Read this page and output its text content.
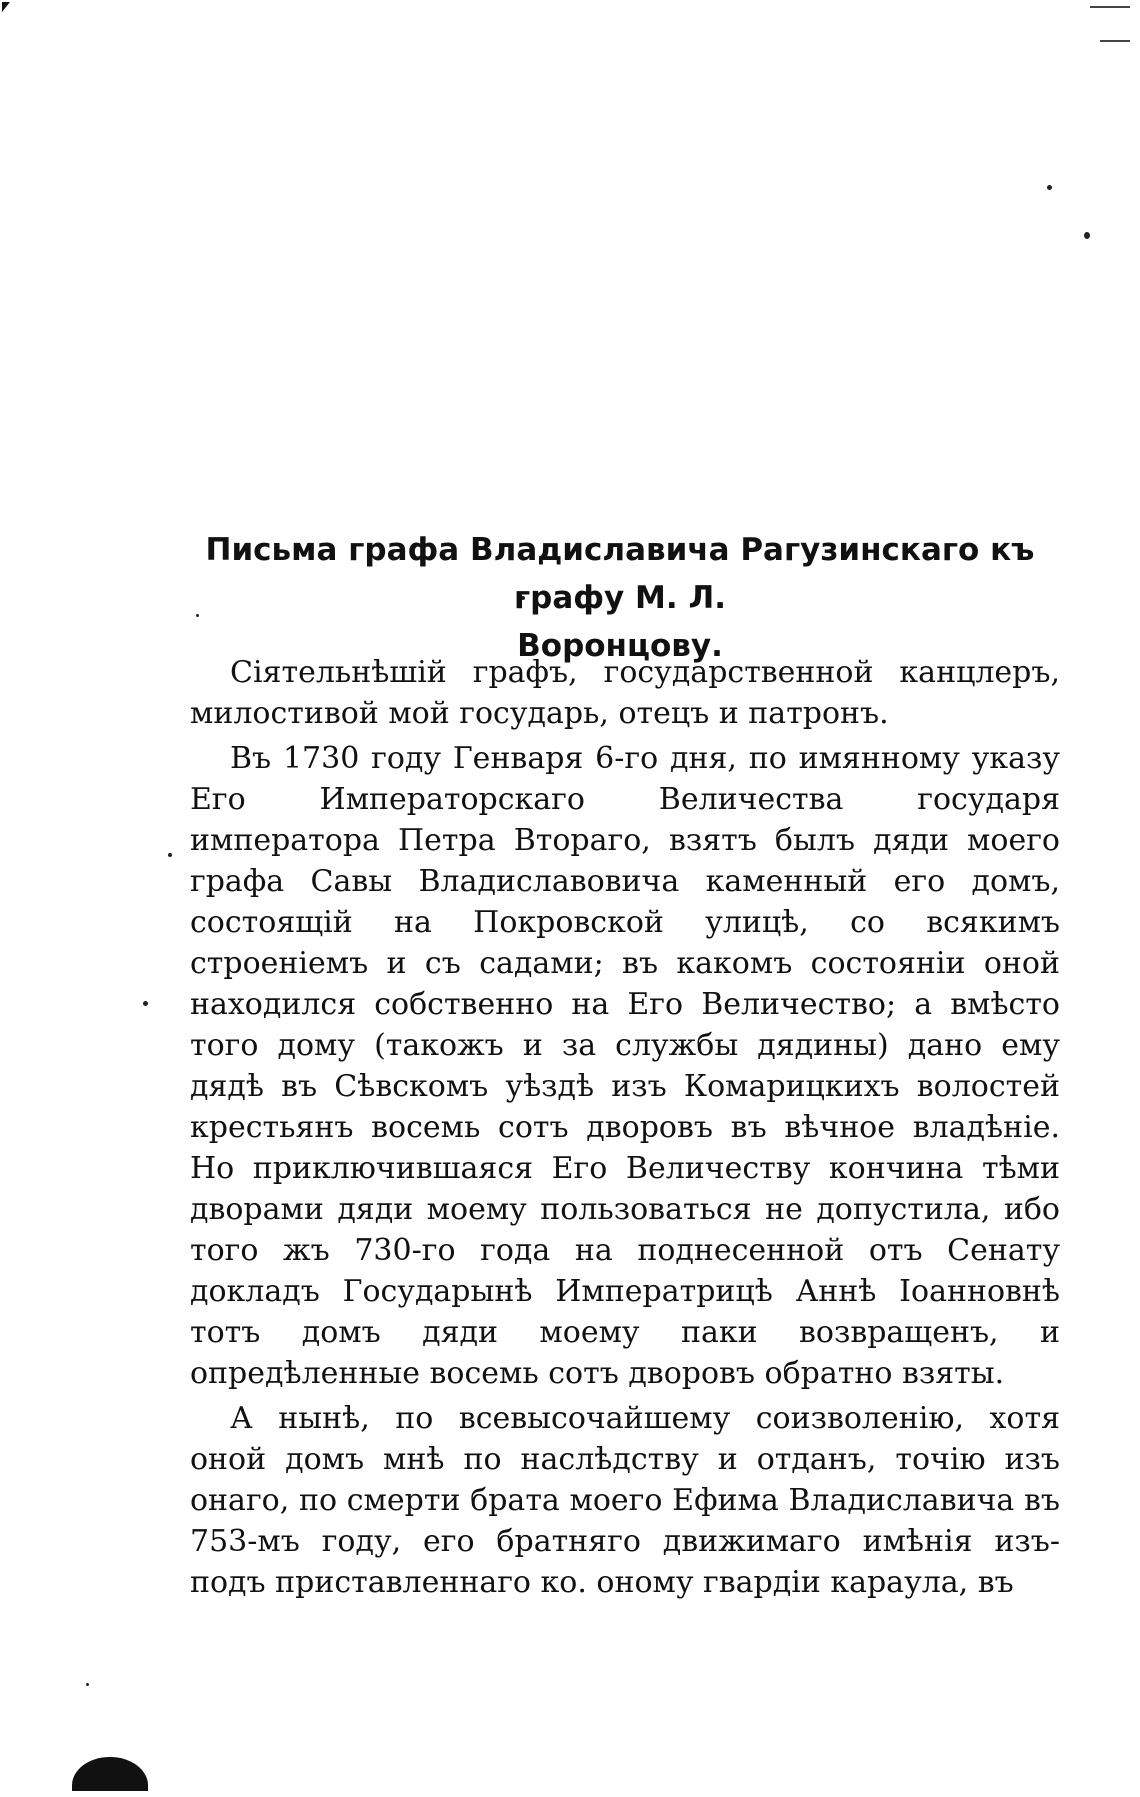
Письма графа Владиславича Рагузинскаго къ графу М. Л.
Воронцову.

Сіятельнѣшій графъ, государственной канцлеръ, милостивой мой государь, отецъ и патронъ.

Въ 1730 году Генваря 6-го дня, по имянному указу Его Императорскаго Величества государя императора Петра Втораго, взятъ былъ дяди моего графа Савы Владиславовича каменный его домъ, состоящій на Покровской улицѣ, со всякимъ строеніемъ и съ садами; въ какомъ состояніи оной находился собственно на Его Величество; а вмѣсто того дому (такожъ и за службы дядины) дано ему дядѣ въ Сѣвскомъ уѣздѣ изъ Комарицкихъ волостей крестьянъ восемь сотъ дворовъ въ вѣчное владѣніе. Но приключившаяся Его Величеству кончина тѣми дворами дяди моему пользоваться не допустила, ибо того жъ 730-го года на поднесенной отъ Сенату докладъ Государынѣ Императрицѣ Аннѣ Іоанновнѣ тотъ домъ дяди моему паки возвращенъ, и опредѣленные восемь сотъ дворовъ обратно взяты.

А нынѣ, по всевысочайшему соизволенію, хотя оной домъ мнѣ по наслѣдству и отданъ, точію изъ онаго, по смерти брата моего Ефима Владиславича въ 753-мъ году, его братняго движимаго имѣнія изъ-подъ приставленнаго ко. оному гвардіи караула, въ
